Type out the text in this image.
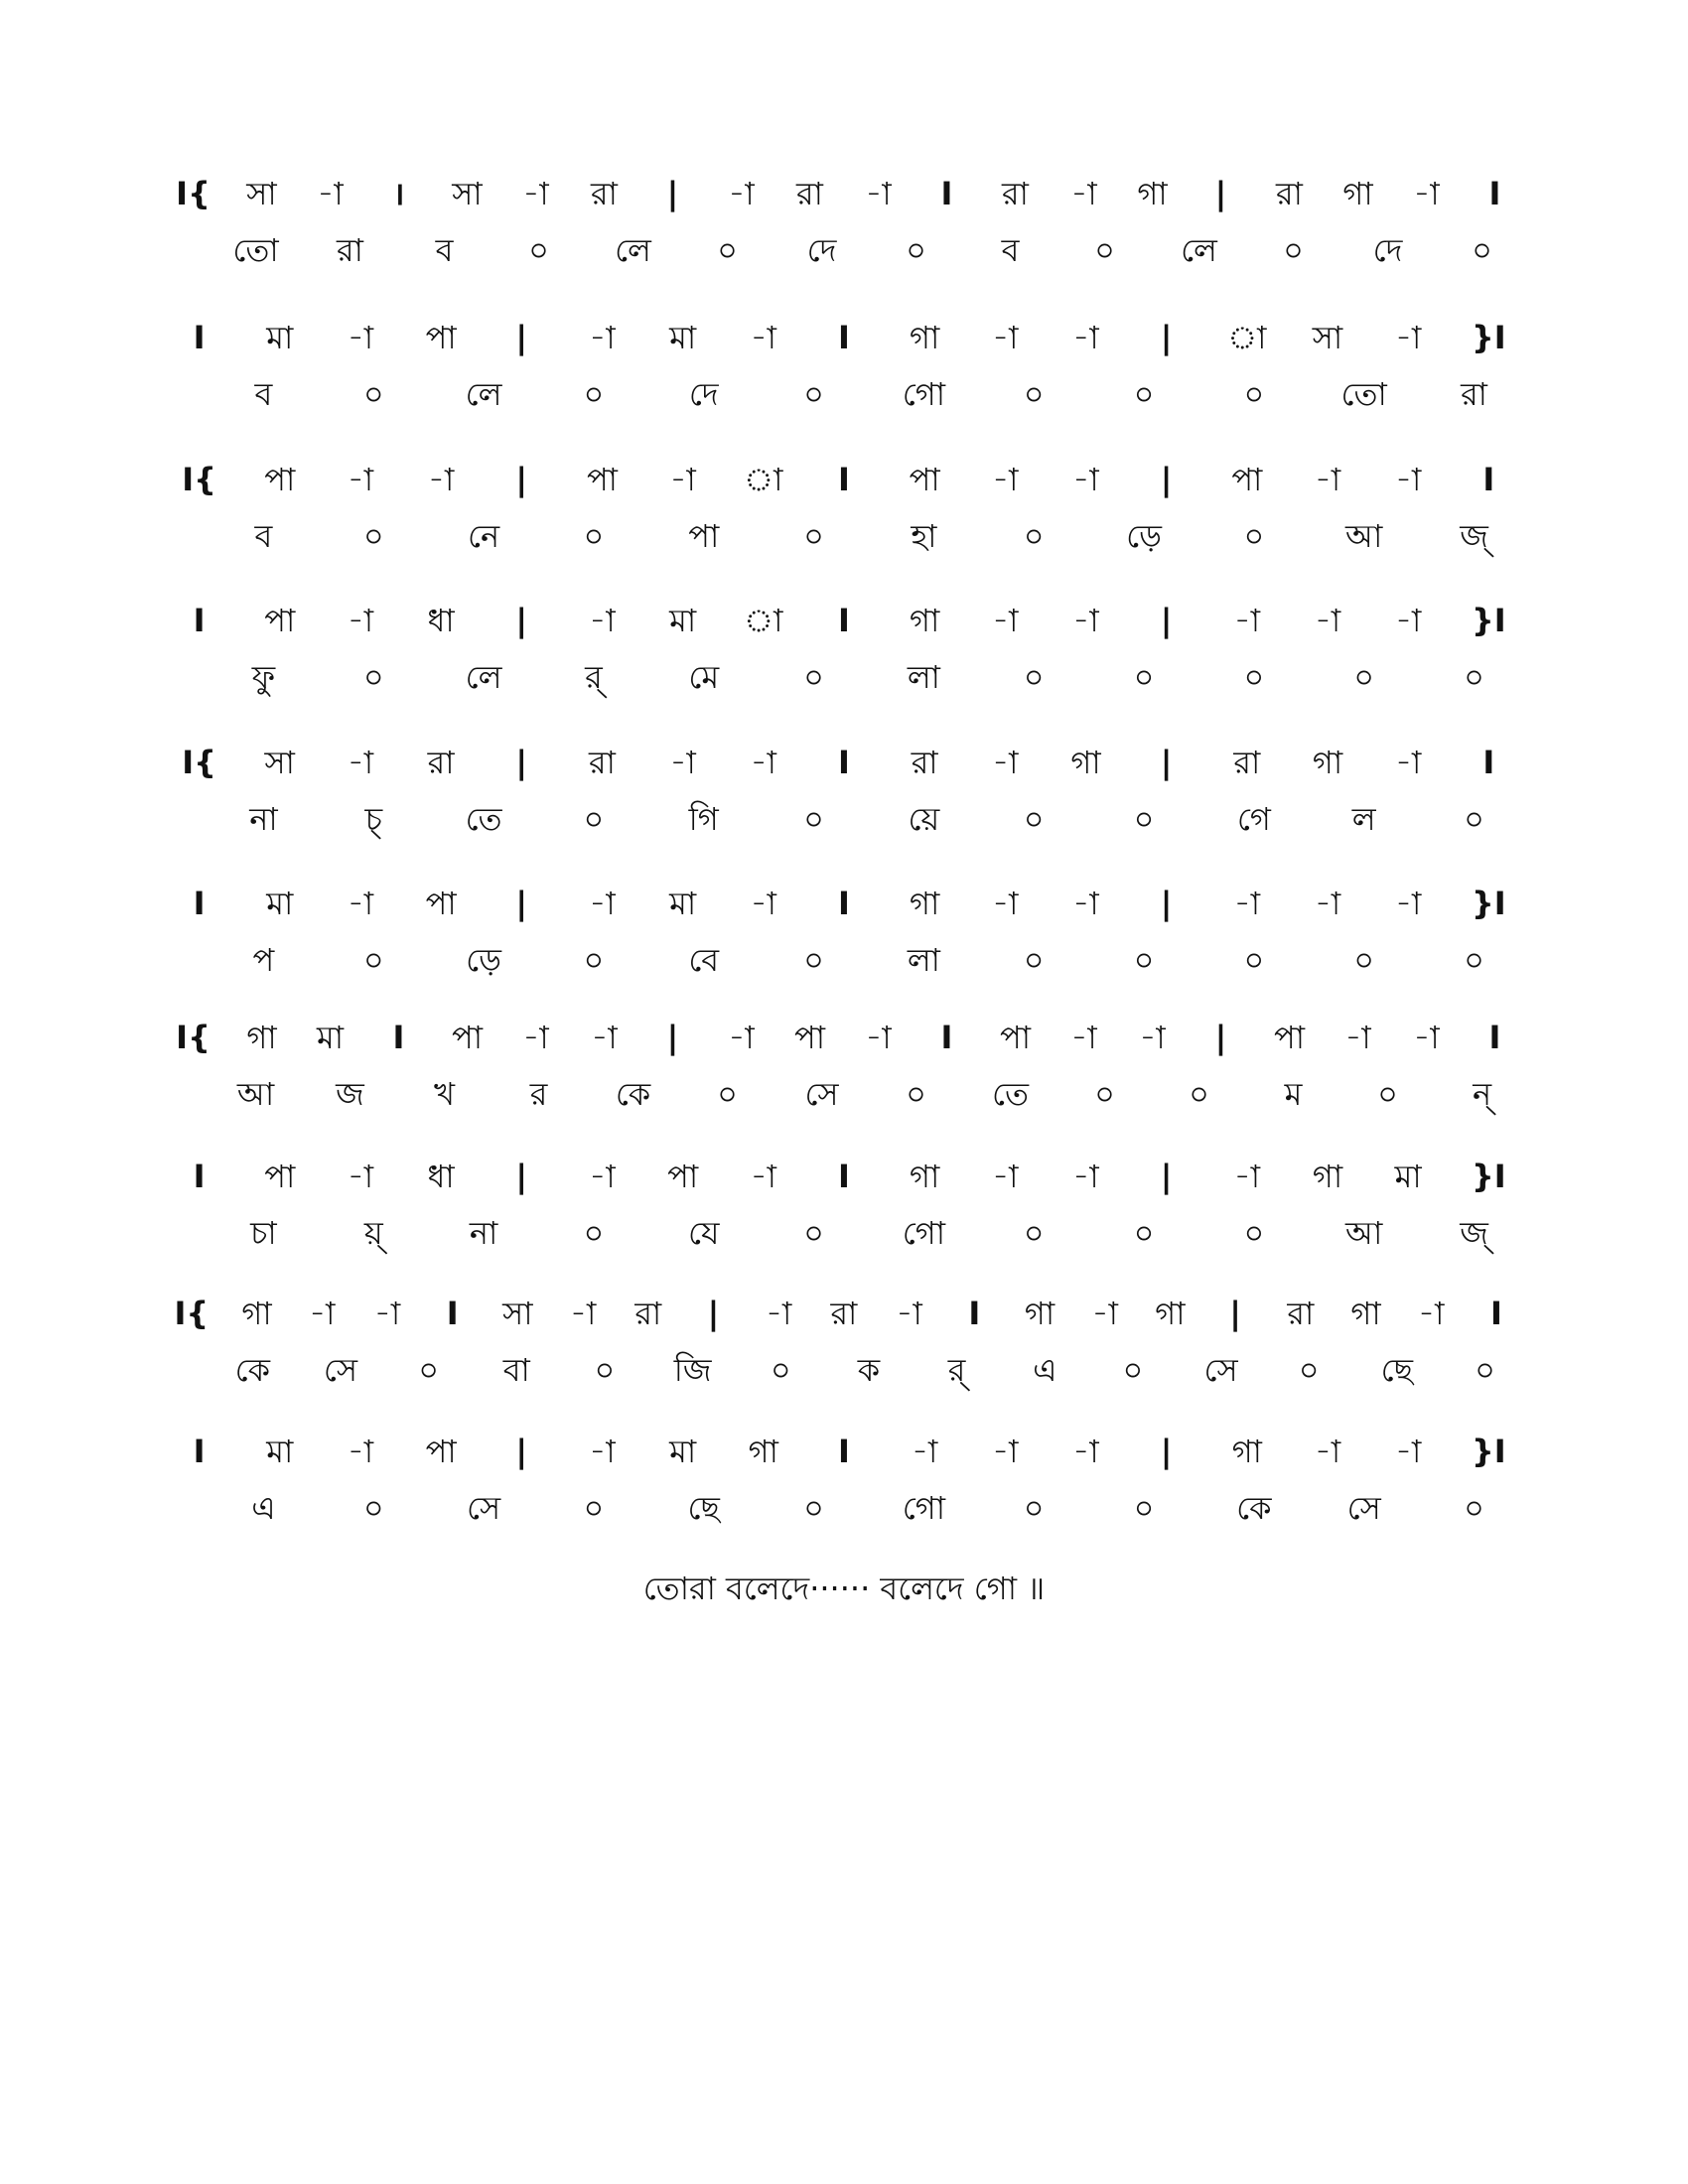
I{	সা	-া	।	সা	-া	রা	|	-া	রা	-া	I	রা	-া	গা	|	রা	গা	-া	I
তো	রা	ব	০	লে	০	দে	০	ব	০	লে	০	দে	০
I	মা	-া	পা	|	-া	মা	-া	I	গা	-া	-া	|	া	সা	-া	}I
ব	০	লে	০	দে	০	গো	০	০	০	তো	রা
I{	পা	-া	-া	|	পা	-া	া	I	পা	-া	-া	|	পা	-া	-া	I
ব	০	নে	০	পা	০	হা	০	ড়ে	০	আ	জ্
I	পা	-া	ধা	|	-া	মা	া	I	গা	-া	-া	|	-া	-া	-া	}I
ফু	০	লে	র্	মে	০	লা	০	০	০	০	০
I{	সা	-া	রা	|	রা	-া	-া	I	রা	-া	গা	|	রা	গা	-া	I
না	চ্	তে	০	গি	০	য়ে	০	০	গে	ল	০
I	মা	-া	পা	|	-া	মা	-া	I	গা	-া	-া	|	-া	-া	-া	}I
প	০	ড়ে	০	বে	০	লা	০	০	০	০	০
I{	গা	মা	I	পা	-া	-া	|	-া	পা	-া	I	পা	-া	-া	|	পা	-া	-া	I
আ	জ	খ	র	কে	০	সে	০	তে	০	০	ম	০	ন্
I	পা	-া	ধা	|	-া	পা	-া	I	গা	-া	-া	|	-া	গা	মা	}I
চা	য়্	না	০	যে	০	গো	০	০	০	আ	জ্
I{	গা	-া	-া	I	সা	-া	রা	|	-া	রা	-া	I	গা	-া	গা	|	রা	গা	-া	I
কে	সে	০	বা	০	জি	০	ক	র্	এ	০	সে	০	ছে	০
I	মা	-া	পা	|	-া	মা	গা	I	-া	-া	-া	|	গা	-া	-া	}I
এ	০	সে	০	ছে	০	গো	০	০	কে	সে	০
তোরা বলেদে······ বলেদে গো ॥
